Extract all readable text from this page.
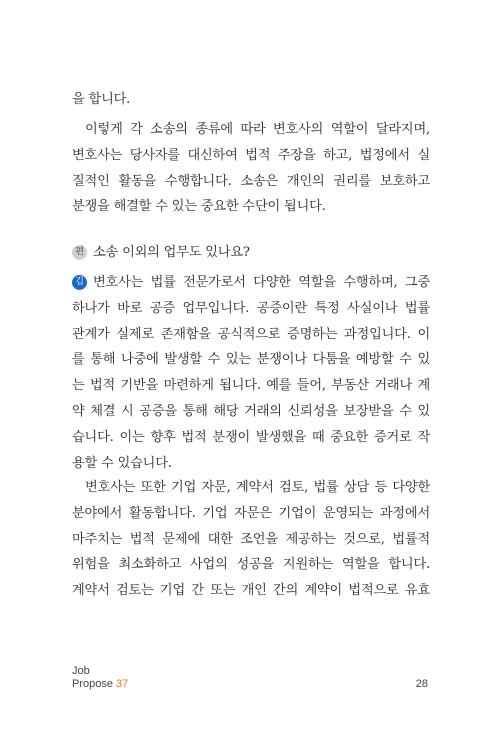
을 합니다.
이렇게 각 소송의 종류에 따라 변호사의 역할이 달라지며,
변호사는 당사자를 대신하여 법적 주장을 하고, 법정에서 실
질적인 활동을 수행합니다. 소송은 개인의 권리를 보호하고
분쟁을 해결할 수 있는 중요한 수단이 됩니다.
편 소송 이외의 업무도 있나요?
김 변호사는 법률 전문가로서 다양한 역할을 수행하며, 그중
하나가 바로 공증 업무입니다. 공증이란 특정 사실이나 법률
관계가 실제로 존재함을 공식적으로 증명하는 과정입니다. 이
를 통해 나중에 발생할 수 있는 분쟁이나 다툼을 예방할 수 있
는 법적 기반을 마련하게 됩니다. 예를 들어, 부동산 거래나 계
약 체결 시 공증을 통해 해당 거래의 신뢰성을 보장받을 수 있
습니다. 이는 향후 법적 분쟁이 발생했을 때 중요한 증거로 작
용할 수 있습니다.
변호사는 또한 기업 자문, 계약서 검토, 법률 상담 등 다양한
분야에서 활동합니다. 기업 자문은 기업이 운영되는 과정에서
마주치는 법적 문제에 대한 조언을 제공하는 것으로, 법률적
위험을 최소화하고 사업의 성공을 지원하는 역할을 합니다.
계약서 검토는 기업 간 또는 개인 간의 계약이 법적으로 유효
Job
Propose 37	28
